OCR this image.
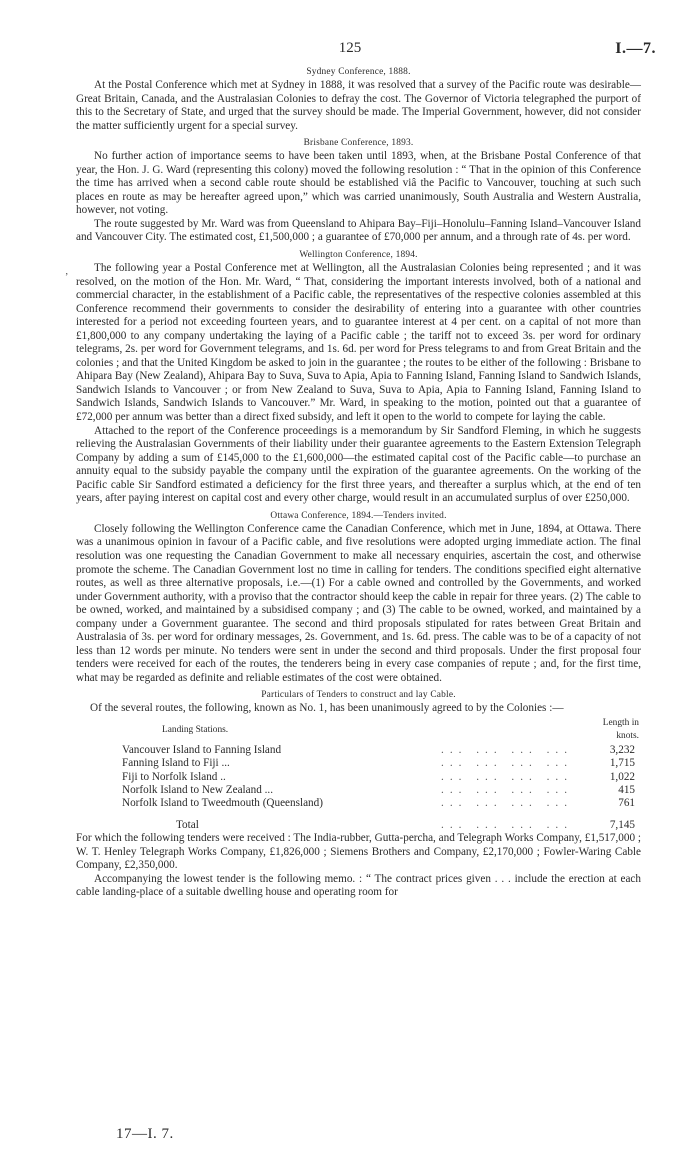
125	I.—7.
’
Sydney Conference, 1888.

At the Postal Conference which met at Sydney in 1888, it was resolved that a survey of the Pacific route was desirable—Great Britain, Canada, and the Australasian Colonies to defray the cost. The Governor of Victoria telegraphed the purport of this to the Secretary of State, and urged that the survey should be made. The Imperial Government, however, did not consider the matter sufficiently urgent for a special survey.

Brisbane Conference, 1893.

No further action of importance seems to have been taken until 1893, when, at the Brisbane Postal Conference of that year, the Hon. J. G. Ward (representing this colony) moved the following resolution : “ That in the opinion of this Conference the time has arrived when a second cable route should be established viâ the Pacific to Vancouver, touching at such such places en route as may be hereafter agreed upon,” which was carried unanimously, South Australia and Western Australia, however, not voting.

The route suggested by Mr. Ward was from Queensland to Ahipara Bay–Fiji–Honolulu–Fanning Island–Vancouver Island and Vancouver City. The estimated cost, £1,500,000 ; a guarantee of £70,000 per annum, and a through rate of 4s. per word.

Wellington Conference, 1894.

The following year a Postal Conference met at Wellington, all the Australasian Colonies being represented ; and it was resolved, on the motion of the Hon. Mr. Ward, “ That, considering the important interests involved, both of a national and commercial character, in the establishment of a Pacific cable, the representatives of the respective colonies assembled at this Conference recommend their governments to consider the desirability of entering into a guarantee with other countries interested for a period not exceeding fourteen years, and to guarantee interest at 4 per cent. on a capital of not more than £1,800,000 to any company undertaking the laying of a Pacific cable ; the tariff not to exceed 3s. per word for ordinary telegrams, 2s. per word for Government telegrams, and 1s. 6d. per word for Press telegrams to and from Great Britain and the colonies ; and that the United Kingdom be asked to join in the guarantee ; the routes to be either of the following : Brisbane to Ahipara Bay (New Zealand), Ahipara Bay to Suva, Suva to Apia, Apia to Fanning Island, Fanning Island to Sandwich Islands, Sandwich Islands to Vancouver ; or from New Zealand to Suva, Suva to Apia, Apia to Fanning Island, Fanning Island to Sandwich Islands, Sandwich Islands to Vancouver.” Mr. Ward, in speaking to the motion, pointed out that a guarantee of £72,000 per annum was better than a direct fixed subsidy, and left it open to the world to compete for laying the cable.

Attached to the report of the Conference proceedings is a memorandum by Sir Sandford Fleming, in which he suggests relieving the Australasian Governments of their liability under their guarantee agreements to the Eastern Extension Telegraph Company by adding a sum of £145,000 to the £1,600,000—the estimated capital cost of the Pacific cable—to purchase an annuity equal to the subsidy payable the company until the expiration of the guarantee agreements. On the working of the Pacific cable Sir Sandford estimated a deficiency for the first three years, and thereafter a surplus which, at the end of ten years, after paying interest on capital cost and every other charge, would result in an accumulated surplus of over £250,000.

Ottawa Conference, 1894.—Tenders invited.

Closely following the Wellington Conference came the Canadian Conference, which met in June, 1894, at Ottawa. There was a unanimous opinion in favour of a Pacific cable, and five resolutions were adopted urging immediate action. The final resolution was one requesting the Canadian Government to make all necessary enquiries, ascertain the cost, and otherwise promote the scheme. The Canadian Government lost no time in calling for tenders. The conditions specified eight alternative routes, as well as three alternative proposals, i.e.—(1) For a cable owned and controlled by the Governments, and worked under Government authority, with a proviso that the contractor should keep the cable in repair for three years. (2) The cable to be owned, worked, and maintained by a subsidised company ; and (3) The cable to be owned, worked, and maintained by a company under a Government guarantee. The second and third proposals stipulated for rates between Great Britain and Australasia of 3s. per word for ordinary messages, 2s. Government, and 1s. 6d. press. The cable was to be of a capacity of not less than 12 words per minute. No tenders were sent in under the second and third proposals. Under the first proposal four tenders were received for each of the routes, the tenderers being in every case companies of repute ; and, for the first time, what may be regarded as definite and reliable estimates of the cost were obtained.

Particulars of Tenders to construct and lay Cable.

Of the several routes, the following, known as No. 1, has been unanimously agreed to by the Colonies :—

Landing Stations.		Length in knots.
Vancouver Island to Fanning Island	... ... ... ...	3,232
Fanning Island to Fiji ...	... ... ... ...	1,715
Fiji to Norfolk Island ..	... ... ... ...	1,022
Norfolk Island to New Zealand ...	... ... ... ...	415
Norfolk Island to Tweedmouth (Queensland)	... ... ... ...	761
Total	... ... ... ...	7,145

For which the following tenders were received : The India-rubber, Gutta-percha, and Telegraph Works Company, £1,517,000 ; W. T. Henley Telegraph Works Company, £1,826,000 ; Siemens Brothers and Company, £2,170,000 ; Fowler-Waring Cable Company, £2,350,000.

Accompanying the lowest tender is the following memo. : “ The contract prices given . . . include the erection at each cable landing-place of a suitable dwelling house and operating room for

17—I. 7.
